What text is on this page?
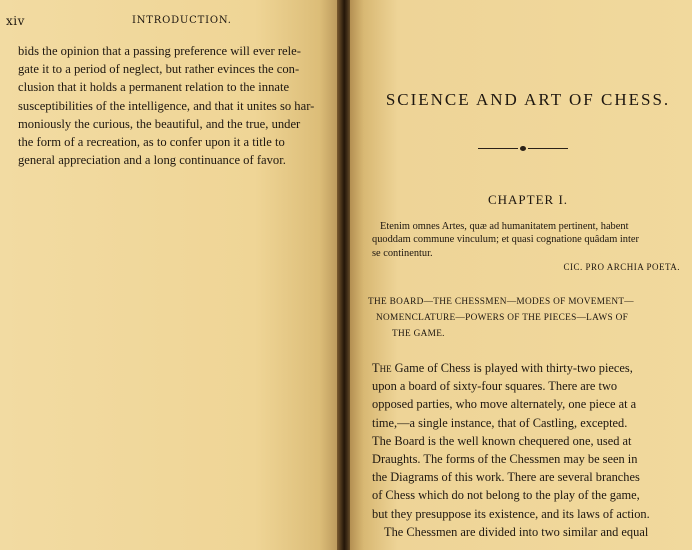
xiv	INTRODUCTION.

bids the opinion that a passing preference will ever rele-
gate it to a period of neglect, but rather evinces the con-
clusion that it holds a permanent relation to the innate
susceptibilities of the intelligence, and that it unites so har-
moniously the curious, the beautiful, and the true, under
the form of a recreation, as to confer upon it a title to
general appreciation and a long continuance of favor.

SCIENCE AND ART OF CHESS.
CHAPTER I.

Etenim omnes Artes, quæ ad humanitatem pertinent, habent

quoddam commune vinculum; et quasi cognatione quâdam inter
se continentur.
CIC. PRO ARCHIA POETA.
THE BOARD—THE CHESSMEN—MODES OF MOVEMENT—
NOMENCLATURE—POWERS OF THE PIECES—LAWS OF
THE GAME.

The Game of Chess is played with thirty-two pieces,
upon a board of sixty-four squares. There are two
opposed parties, who move alternately, one piece at a
time,—a single instance, that of Castling, excepted.
The Board is the well known chequered one, used at
Draughts. The forms of the Chessmen may be seen in
the Diagrams of this work. There are several branches
of Chess which do not belong to the play of the game,
but they presuppose its existence, and its laws of action.

The Chessmen are divided into two similar and equal
